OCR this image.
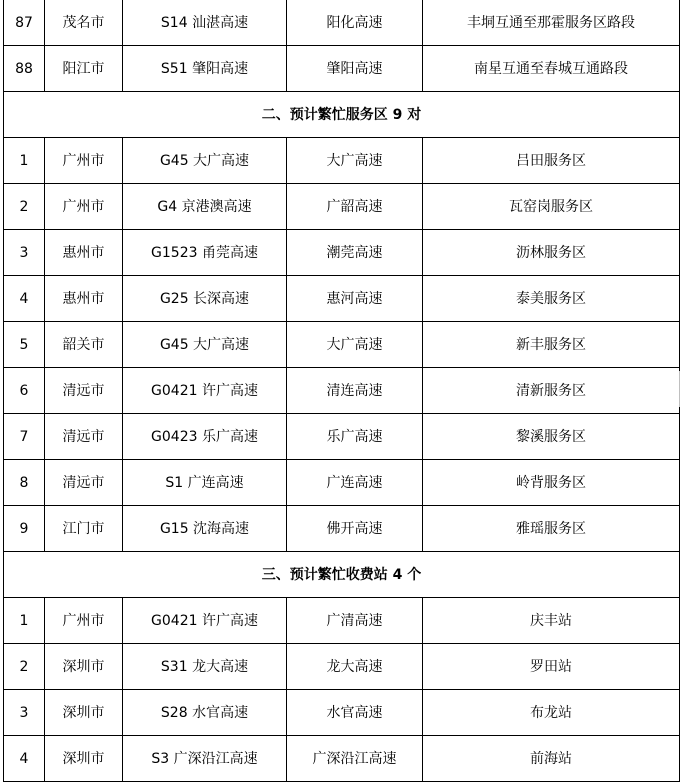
87	茂名市	S14 汕湛高速	阳化高速	丰垌互通至那霍服务区路段
88	阳江市	S51 肇阳高速	肇阳高速	南星互通至春城互通路段
二、预计繁忙服务区 9 对				
1	广州市	G45 大广高速	大广高速	吕田服务区
2	广州市	G4 京港澳高速	广韶高速	瓦窑岗服务区
3	惠州市	G1523 甬莞高速	潮莞高速	沥林服务区
4	惠州市	G25 长深高速	惠河高速	泰美服务区
5	韶关市	G45 大广高速	大广高速	新丰服务区
6	清远市	G0421 许广高速	清连高速	清新服务区
7	清远市	G0423 乐广高速	乐广高速	黎溪服务区
8	清远市	S1 广连高速	广连高速	岭背服务区
9	江门市	G15 沈海高速	佛开高速	雅瑶服务区
三、预计繁忙收费站 4 个				
1	广州市	G0421 许广高速	广清高速	庆丰站
2	深圳市	S31 龙大高速	龙大高速	罗田站
3	深圳市	S28 水官高速	水官高速	布龙站
4	深圳市	S3 广深沿江高速	广深沿江高速	前海站
